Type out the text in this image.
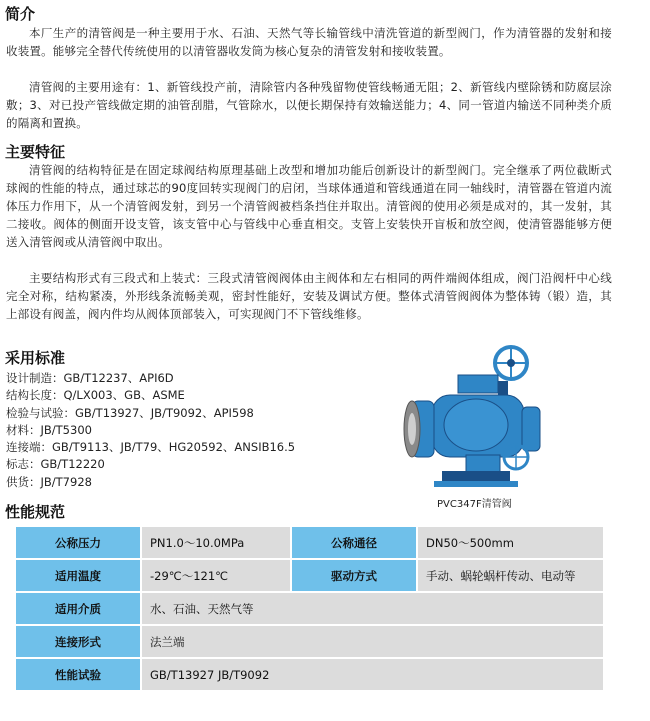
简介

本厂生产的清管阀是一种主要用于水、石油、天然气等长输管线中清洗管道的新型阀门，作为清管器的发射和接收装置。能够完全替代传统使用的以清管器收发筒为核心复杂的清管发射和接收装置。

清管阀的主要用途有：1、新管线投产前，清除管内各种残留物使管线畅通无阻；2、新管线内壁除锈和防腐层涂敷；3、对已投产管线做定期的油管刮腊，气管除水，以便长期保持有效输送能力；4、同一管道内输送不同种类介质的隔离和置换。

主要特征

清管阀的结构特征是在固定球阀结构原理基础上改型和增加功能后创新设计的新型阀门。完全继承了两位截断式球阀的性能的特点，通过球芯的90度回转实现阀门的启闭，当球体通道和管线通道在同一轴线时，清管器在管道内流体压力作用下，从一个清管阀发射，到另一个清管阀被档条挡住并取出。清管阀的使用必须是成对的，其一发射，其二接收。阀体的侧面开设支管，该支管中心与管线中心垂直相交。支管上安装快开盲板和放空阀，使清管器能够方便送入清管阀或从清管阀中取出。

主要结构形式有三段式和上装式：三段式清管阀阀体由主阀体和左右相同的两件端阀体组成，阀门沿阀杆中心线完全对称，结构紧凑，外形线条流畅美观，密封性能好，安装及调试方便。整体式清管阀阀体为整体铸（锻）造，其上部设有阀盖，阀内件均从阀体顶部装入，可实现阀门不下管线维修。

采用标准
设计制造：GB/T12237、API6D
结构长度：Q/LX003、GB、ASME
检验与试验：GB/T13927、JB/T9092、API598
材料：JB/T5300
连接端：GB/T9113、JB/T79、HG20592、ANSIB16.5
标志：GB/T12220
供货：JB/T7928
PVC347F清管阀
性能规范
公称压力	PN1.0～10.0MPa	公称通径	DN50～500mm
适用温度	-29℃～121℃	驱动方式	手动、蜗轮蜗杆传动、电动等
适用介质	水、石油、天然气等		
连接形式	法兰端		
性能试验	GB/T13927 JB/T9092		
